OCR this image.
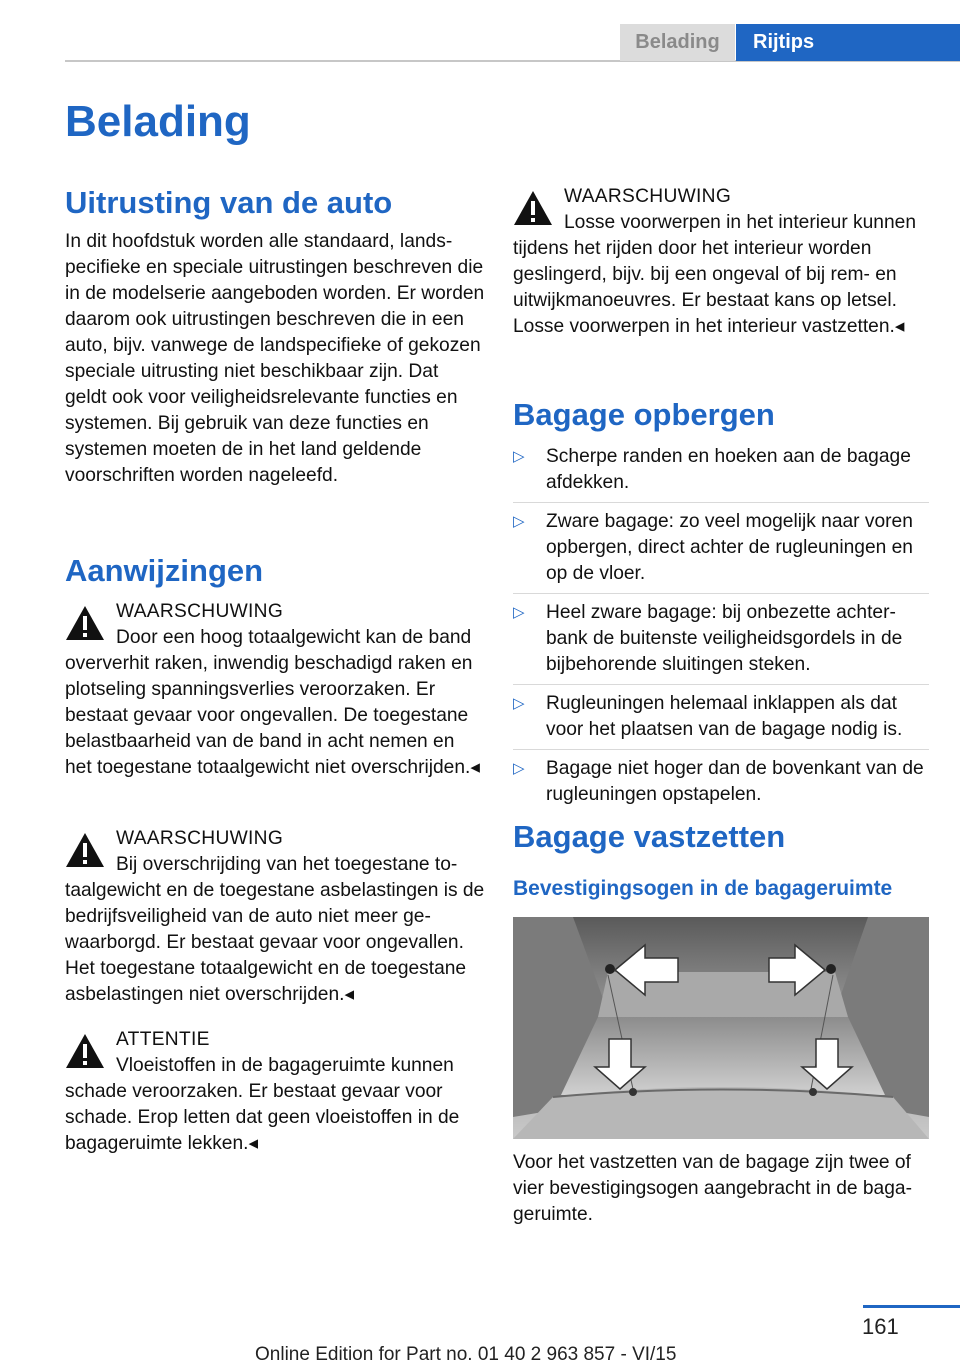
Belading	Rijtips
Belading
Uitrusting van de auto

In dit hoofdstuk worden alle standaard, landspecifieke en speciale uitrustingen beschreven die in de modelserie aangeboden worden. Er worden daarom ook uitrustingen beschreven die in een auto, bijv. vanwege de landspecifieke of gekozen speciale uitrusting niet beschikbaar zijn. Dat geldt ook voor veiligheidsrelevante functies en systemen. Bij gebruik van deze functies en systemen moeten de in het land geldende voorschriften worden nageleefd.

Aanwijzingen

WAARSCHUWING

Door een hoog totaalgewicht kan de band oververhit raken, inwendig beschadigd raken en plotseling spanningsverlies veroorzaken. Er bestaat gevaar voor ongevallen. De toegestane belastbaarheid van de band in acht nemen en het toegestane totaalgewicht niet overschrijden.◂

WAARSCHUWING

Bij overschrijding van het toegestane totaalgewicht en de toegestane asbelastingen is de bedrijfsveiligheid van de auto niet meer gewaarborgd. Er bestaat gevaar voor ongevallen. Het toegestane totaalgewicht en de toegestane asbelastingen niet overschrijden.◂

ATTENTIE

Vloeistoffen in de bagageruimte kunnen schade veroorzaken. Er bestaat gevaar voor schade. Erop letten dat geen vloeistoffen in de bagageruimte lekken.◂

WAARSCHUWING

Losse voorwerpen in het interieur kunnen tijdens het rijden door het interieur worden geslingerd, bijv. bij een ongeval of bij rem- en uitwijkmanoeuvres. Er bestaat kans op letsel. Losse voorwerpen in het interieur vastzetten.◂

Bagage opbergen
▷ Scherpe randen en hoeken aan de bagage afdekken.
▷ Zware bagage: zo veel mogelijk naar voren opbergen, direct achter de rugleuningen en op de vloer.
▷ Heel zware bagage: bij onbezette achterbank de buitenste veiligheidsgordels in de bijbehorende sluitingen steken.
▷ Rugleuningen helemaal inklappen als dat voor het plaatsen van de bagage nodig is.
▷ Bagage niet hoger dan de bovenkant van de rugleuningen opstapelen.
Bagage vastzetten
Bevestigingsogen in de bagageruimte

Voor het vastzetten van de bagage zijn twee of vier bevestigingsogen aangebracht in de bagageruimte.

161
Online Edition for Part no. 01 40 2 963 857 - VI/15
